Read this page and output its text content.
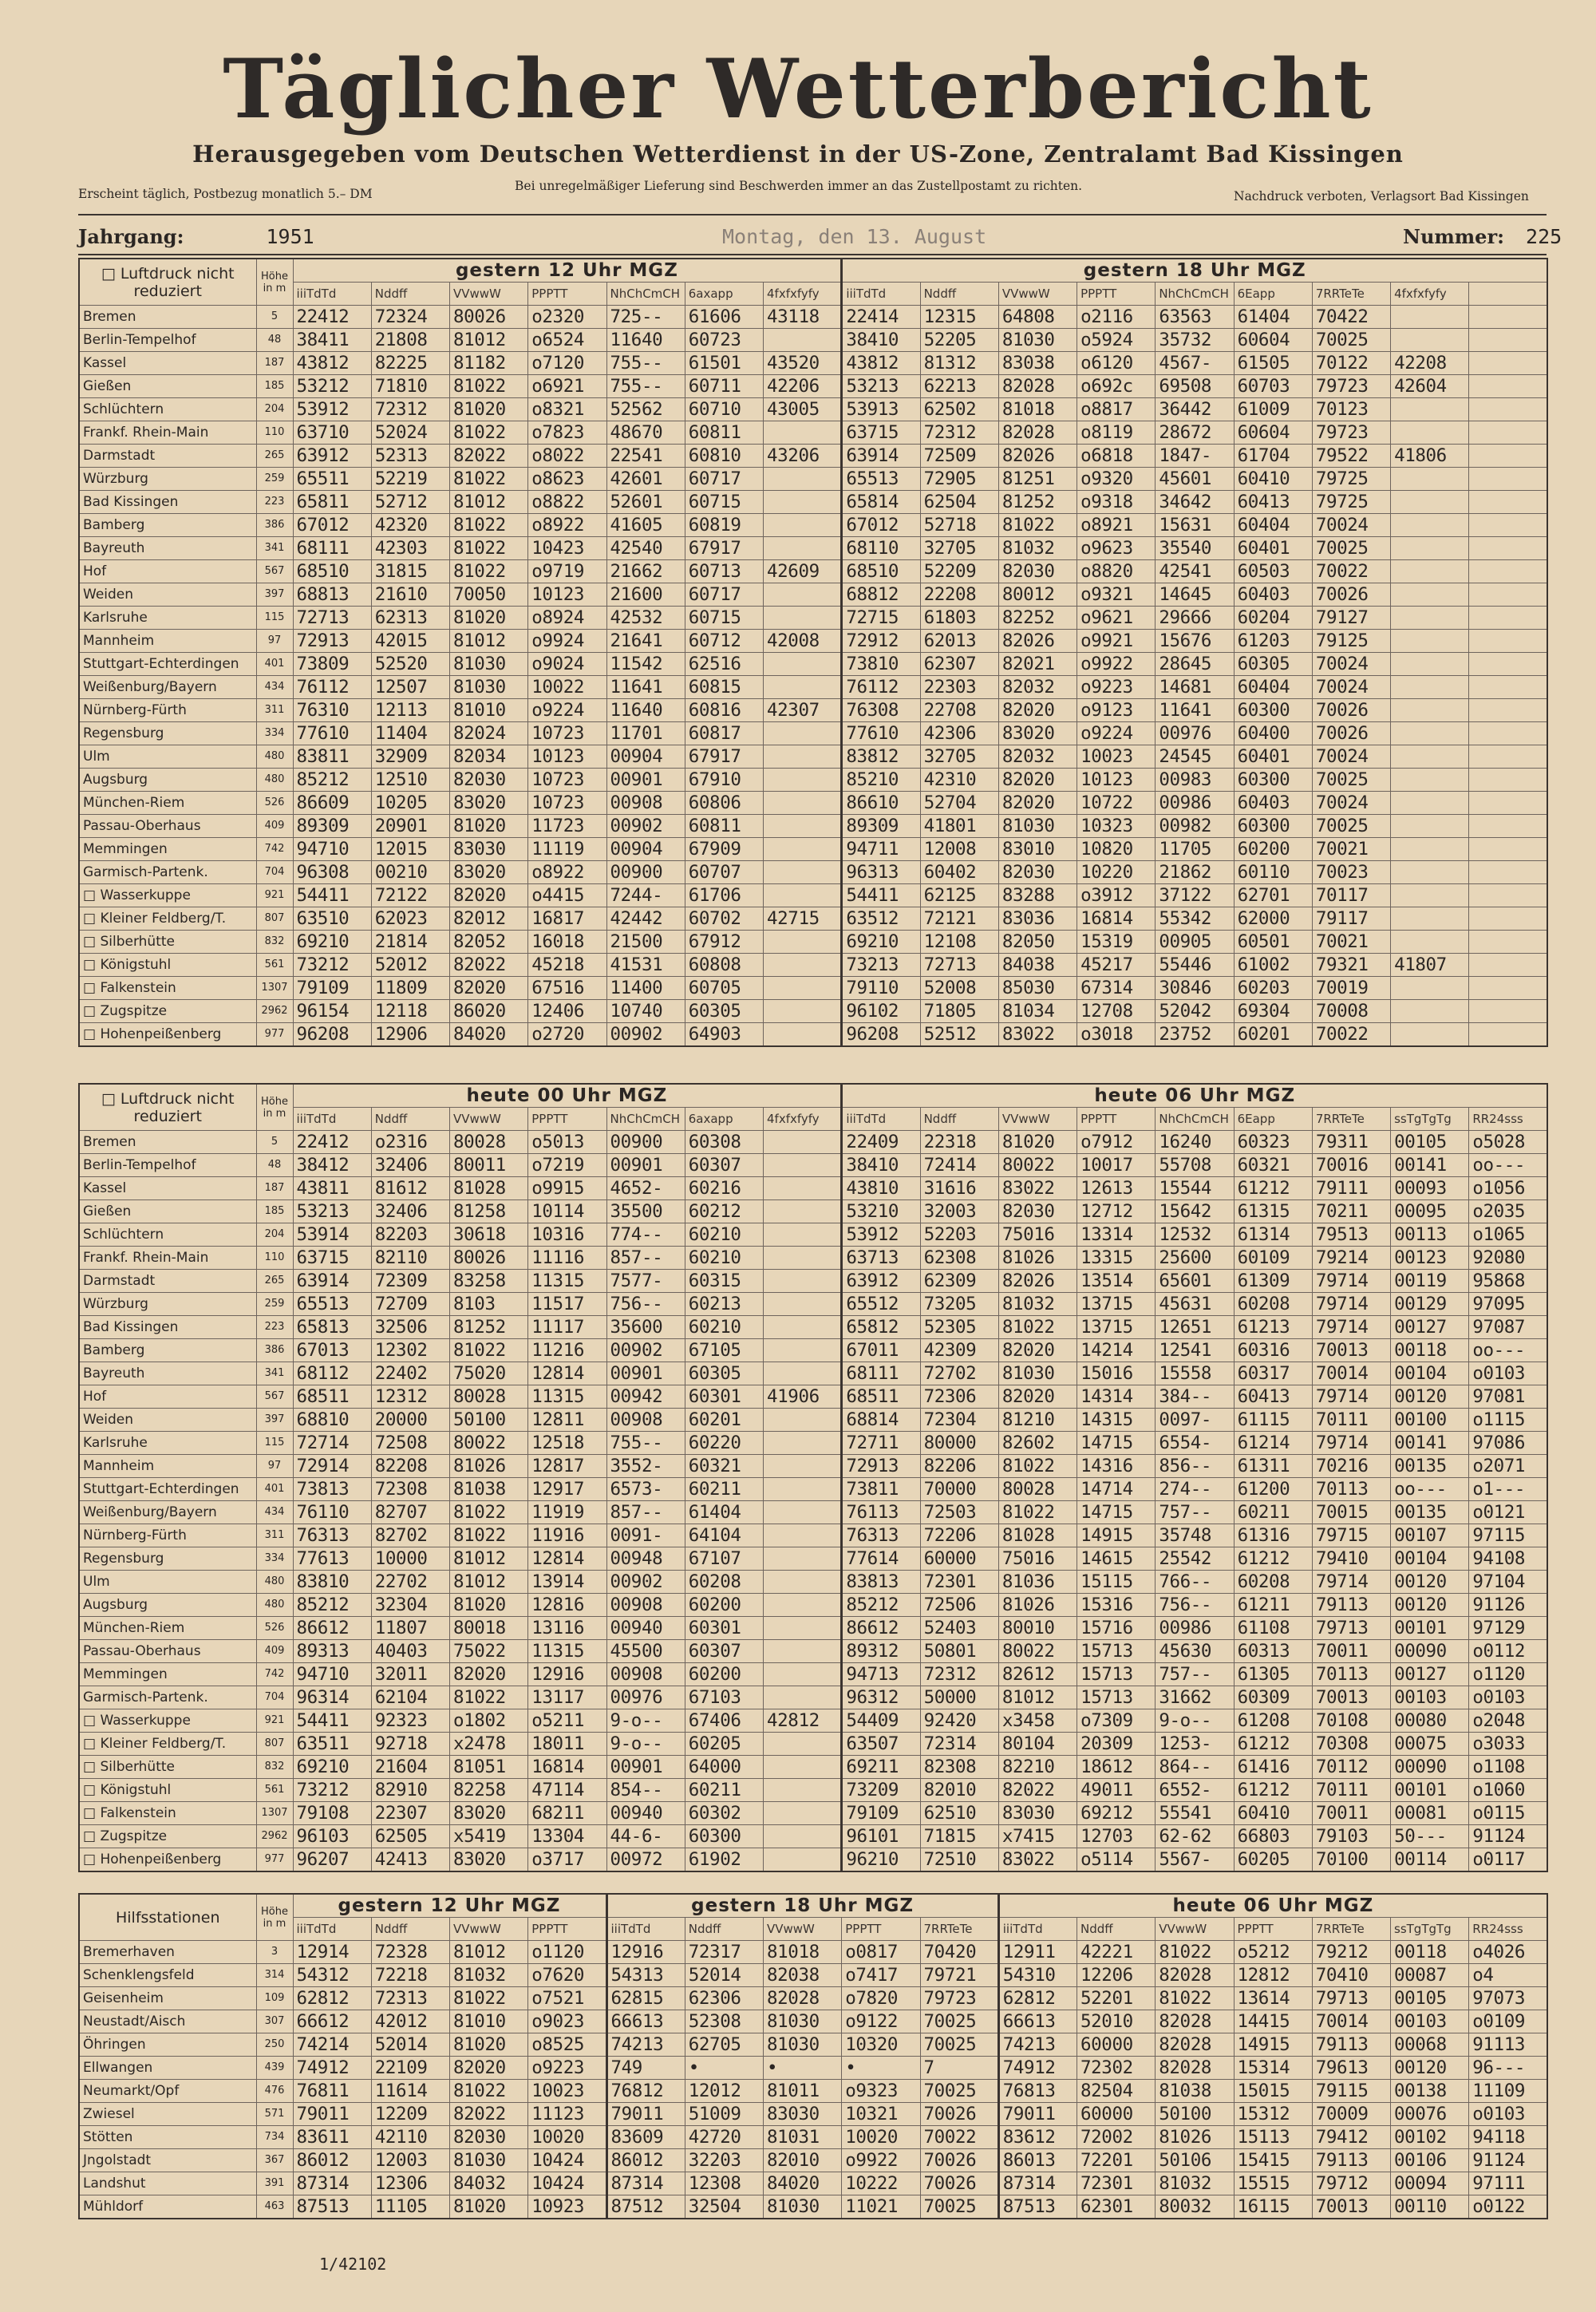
Täglicher Wetterbericht
Herausgegeben vom Deutschen Wetterdienst in der US-Zone, Zentralamt Bad Kissingen
Erscheint täglich, Postbezug monatlich 5.– DM
Bei unregelmäßiger Lieferung sind Beschwerden immer an das Zustellpostamt zu richten.
Nachdruck verboten, Verlagsort Bad Kissingen
Jahrgang:	1951	Montag, den 13. August	Nummer: 225
□ Luftdruck nicht reduziert	Höhe in m	gestern 12 Uhr MGZ							gestern 18 Uhr MGZ								
		iiiTdTd	Nddff	VVwwW	PPPTT	NhChCmCH	6axapp	4fxfxfyfy	iiiTdTd	Nddff	VVwwW	PPPTT	NhChCmCH	6Eapp	7RRTeTe	4fxfxfyfy	
Bremen	5	22412	72324	80026	o2320	725--	61606	43118	22414	12315	64808	o2116	63563	61404	70422		
Berlin-Tempelhof	48	38411	21808	81012	o6524	11640	60723		38410	52205	81030	o5924	35732	60604	70025		
Kassel	187	43812	82225	81182	o7120	755--	61501	43520	43812	81312	83038	o6120	4567-	61505	70122	42208	
Gießen	185	53212	71810	81022	o6921	755--	60711	42206	53213	62213	82028	o692c	69508	60703	79723	42604	
Schlüchtern	204	53912	72312	81020	o8321	52562	60710	43005	53913	62502	81018	o8817	36442	61009	70123		
Frankf. Rhein-Main	110	63710	52024	81022	o7823	48670	60811		63715	72312	82028	o8119	28672	60604	79723		
Darmstadt	265	63912	52313	82022	o8022	22541	60810	43206	63914	72509	82026	o6818	1847-	61704	79522	41806	
Würzburg	259	65511	52219	81022	o8623	42601	60717		65513	72905	81251	o9320	45601	60410	79725		
Bad Kissingen	223	65811	52712	81012	o8822	52601	60715		65814	62504	81252	o9318	34642	60413	79725		
Bamberg	386	67012	42320	81022	o8922	41605	60819		67012	52718	81022	o8921	15631	60404	70024		
Bayreuth	341	68111	42303	81022	10423	42540	67917		68110	32705	81032	o9623	35540	60401	70025		
Hof	567	68510	31815	81022	o9719	21662	60713	42609	68510	52209	82030	o8820	42541	60503	70022		
Weiden	397	68813	21610	70050	10123	21600	60717		68812	22208	80012	o9321	14645	60403	70026		
Karlsruhe	115	72713	62313	81020	o8924	42532	60715		72715	61803	82252	o9621	29666	60204	79127		
Mannheim	97	72913	42015	81012	o9924	21641	60712	42008	72912	62013	82026	o9921	15676	61203	79125		
Stuttgart-Echterdingen	401	73809	52520	81030	o9024	11542	62516		73810	62307	82021	o9922	28645	60305	70024		
Weißenburg/Bayern	434	76112	12507	81030	10022	11641	60815		76112	22303	82032	o9223	14681	60404	70024		
Nürnberg-Fürth	311	76310	12113	81010	o9224	11640	60816	42307	76308	22708	82020	o9123	11641	60300	70026		
Regensburg	334	77610	11404	82024	10723	11701	60817		77610	42306	83020	o9224	00976	60400	70026		
Ulm	480	83811	32909	82034	10123	00904	67917		83812	32705	82032	10023	24545	60401	70024		
Augsburg	480	85212	12510	82030	10723	00901	67910		85210	42310	82020	10123	00983	60300	70025		
München-Riem	526	86609	10205	83020	10723	00908	60806		86610	52704	82020	10722	00986	60403	70024		
Passau-Oberhaus	409	89309	20901	81020	11723	00902	60811		89309	41801	81030	10323	00982	60300	70025		
Memmingen	742	94710	12015	83030	11119	00904	67909		94711	12008	83010	10820	11705	60200	70021		
Garmisch-Partenk.	704	96308	00210	83020	o8922	00900	60707		96313	60402	82030	10220	21862	60110	70023		
□ Wasserkuppe	921	54411	72122	82020	o4415	7244-	61706		54411	62125	83288	o3912	37122	62701	70117		
□ Kleiner Feldberg/T.	807	63510	62023	82012	16817	42442	60702	42715	63512	72121	83036	16814	55342	62000	79117		
□ Silberhütte	832	69210	21814	82052	16018	21500	67912		69210	12108	82050	15319	00905	60501	70021		
□ Königstuhl	561	73212	52012	82022	45218	41531	60808		73213	72713	84038	45217	55446	61002	79321	41807	
□ Falkenstein	1307	79109	11809	82020	67516	11400	60705		79110	52008	85030	67314	30846	60203	70019		
□ Zugspitze	2962	96154	12118	86020	12406	10740	60305		96102	71805	81034	12708	52042	69304	70008		
□ Hohenpeißenberg	977	96208	12906	84020	o2720	00902	64903		96208	52512	83022	o3018	23752	60201	70022		
□ Luftdruck nicht reduziert	Höhe in m	heute 00 Uhr MGZ							heute 06 Uhr MGZ								
		iiiTdTd	Nddff	VVwwW	PPPTT	NhChCmCH	6axapp	4fxfxfyfy	iiiTdTd	Nddff	VVwwW	PPPTT	NhChCmCH	6Eapp	7RRTeTe	ssTgTgTg	RR24sss
Bremen	5	22412	o2316	80028	o5013	00900	60308		22409	22318	81020	o7912	16240	60323	79311	00105	o5028
Berlin-Tempelhof	48	38412	32406	80011	o7219	00901	60307		38410	72414	80022	10017	55708	60321	70016	00141	oo---
Kassel	187	43811	81612	81028	o9915	4652-	60216		43810	31616	83022	12613	15544	61212	79111	00093	o1056
Gießen	185	53213	32406	81258	10114	35500	60212		53210	32003	82030	12712	15642	61315	70211	00095	o2035
Schlüchtern	204	53914	82203	30618	10316	774--	60210		53912	52203	75016	13314	12532	61314	79513	00113	o1065
Frankf. Rhein-Main	110	63715	82110	80026	11116	857--	60210		63713	62308	81026	13315	25600	60109	79214	00123	92080
Darmstadt	265	63914	72309	83258	11315	7577-	60315		63912	62309	82026	13514	65601	61309	79714	00119	95868
Würzburg	259	65513	72709	8103	11517	756--	60213		65512	73205	81032	13715	45631	60208	79714	00129	97095
Bad Kissingen	223	65813	32506	81252	11117	35600	60210		65812	52305	81022	13715	12651	61213	79714	00127	97087
Bamberg	386	67013	12302	81022	11216	00902	67105		67011	42309	82020	14214	12541	60316	70013	00118	oo---
Bayreuth	341	68112	22402	75020	12814	00901	60305		68111	72702	81030	15016	15558	60317	70014	00104	o0103
Hof	567	68511	12312	80028	11315	00942	60301	41906	68511	72306	82020	14314	384--	60413	79714	00120	97081
Weiden	397	68810	20000	50100	12811	00908	60201		68814	72304	81210	14315	0097-	61115	70111	00100	o1115
Karlsruhe	115	72714	72508	80022	12518	755--	60220		72711	80000	82602	14715	6554-	61214	79714	00141	97086
Mannheim	97	72914	82208	81026	12817	3552-	60321		72913	82206	81022	14316	856--	61311	70216	00135	o2071
Stuttgart-Echterdingen	401	73813	72308	81038	12917	6573-	60211		73811	70000	80028	14714	274--	61200	70113	oo---	o1---
Weißenburg/Bayern	434	76110	82707	81022	11919	857--	61404		76113	72503	81022	14715	757--	60211	70015	00135	o0121
Nürnberg-Fürth	311	76313	82702	81022	11916	0091-	64104		76313	72206	81028	14915	35748	61316	79715	00107	97115
Regensburg	334	77613	10000	81012	12814	00948	67107		77614	60000	75016	14615	25542	61212	79410	00104	94108
Ulm	480	83810	22702	81012	13914	00902	60208		83813	72301	81036	15115	766--	60208	79714	00120	97104
Augsburg	480	85212	32304	81020	12816	00908	60200		85212	72506	81026	15316	756--	61211	79113	00120	91126
München-Riem	526	86612	11807	80018	13116	00940	60301		86612	52403	80010	15716	00986	61108	79713	00101	97129
Passau-Oberhaus	409	89313	40403	75022	11315	45500	60307		89312	50801	80022	15713	45630	60313	70011	00090	o0112
Memmingen	742	94710	32011	82020	12916	00908	60200		94713	72312	82612	15713	757--	61305	70113	00127	o1120
Garmisch-Partenk.	704	96314	62104	81022	13117	00976	67103		96312	50000	81012	15713	31662	60309	70013	00103	o0103
□ Wasserkuppe	921	54411	92323	o1802	o5211	9-o--	67406	42812	54409	92420	x3458	o7309	9-o--	61208	70108	00080	o2048
□ Kleiner Feldberg/T.	807	63511	92718	x2478	18011	9-o--	60205		63507	72314	80104	20309	1253-	61212	70308	00075	o3033
□ Silberhütte	832	69210	21604	81051	16814	00901	64000		69211	82308	82210	18612	864--	61416	70112	00090	o1108
□ Königstuhl	561	73212	82910	82258	47114	854--	60211		73209	82010	82022	49011	6552-	61212	70111	00101	o1060
□ Falkenstein	1307	79108	22307	83020	68211	00940	60302		79109	62510	83030	69212	55541	60410	70011	00081	o0115
□ Zugspitze	2962	96103	62505	x5419	13304	44-6-	60300		96101	71815	x7415	12703	62-62	66803	79103	50---	91124
□ Hohenpeißenberg	977	96207	42413	83020	o3717	00972	61902		96210	72510	83022	o5114	5567-	60205	70100	00114	o0117
Hilfsstationen	Höhe in m	gestern 12 Uhr MGZ				gestern 18 Uhr MGZ					heute 06 Uhr MGZ						
		iiiTdTd	Nddff	VVwwW	PPPTT	iiiTdTd	Nddff	VVwwW	PPPTT	7RRTeTe	iiiTdTd	Nddff	VVwwW	PPPTT	7RRTeTe	ssTgTgTg	RR24sss
Bremerhaven	3	12914	72328	81012	o1120	12916	72317	81018	o0817	70420	12911	42221	81022	o5212	79212	00118	o4026
Schenklengsfeld	314	54312	72218	81032	o7620	54313	52014	82038	o7417	79721	54310	12206	82028	12812	70410	00087	o4
Geisenheim	109	62812	72313	81022	o7521	62815	62306	82028	o7820	79723	62812	52201	81022	13614	79713	00105	97073
Neustadt/Aisch	307	66612	42012	81010	o9023	66613	52308	81030	o9122	70025	66613	52010	82028	14415	70014	00103	o0109
Öhringen	250	74214	52014	81020	o8525	74213	62705	81030	10320	70025	74213	60000	82028	14915	79113	00068	91113
Ellwangen	439	74912	22109	82020	o9223	749	•	•	•	7	74912	72302	82028	15314	79613	00120	96---
Neumarkt/Opf	476	76811	11614	81022	10023	76812	12012	81011	o9323	70025	76813	82504	81038	15015	79115	00138	11109
Zwiesel	571	79011	12209	82022	11123	79011	51009	83030	10321	70026	79011	60000	50100	15312	70009	00076	o0103
Stötten	734	83611	42110	82030	10020	83609	42720	81031	10020	70022	83612	72002	81026	15113	79412	00102	94118
Jngolstadt	367	86012	12003	81030	10424	86012	32203	82010	o9922	70026	86013	72201	50106	15415	79113	00106	91124
Landshut	391	87314	12306	84032	10424	87314	12308	84020	10222	70026	87314	72301	81032	15515	79712	00094	97111
Mühldorf	463	87513	11105	81020	10923	87512	32504	81030	11021	70025	87513	62301	80032	16115	70013	00110	o0122
1/42102
